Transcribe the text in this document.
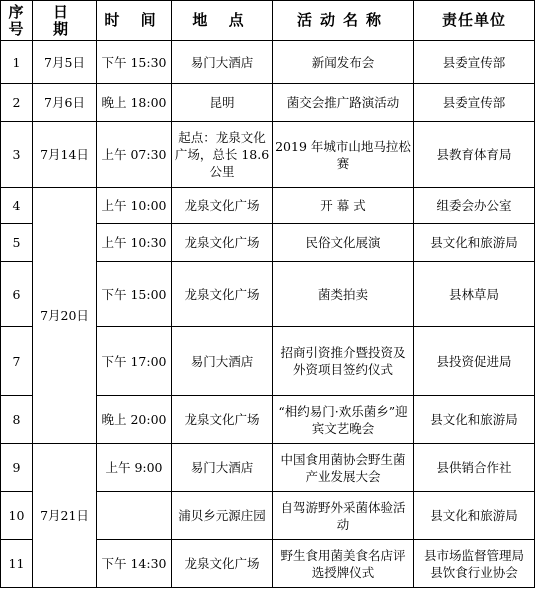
序号	日 期	时 间	地 点	活动名称	责任单位
1	7月5日	下午 15:30	易门大酒店	新闻发布会	县委宣传部
2	7月6日	晚上 18:00	昆明	菌交会推广路演活动	县委宣传部
3	7月14日	上午 07:30	起点：龙泉文化广场，总长 18.6 公里	2019 年城市山地马拉松赛	县教育体育局
4	7月20日	上午 10:00	龙泉文化广场	开 幕 式	组委会办公室
5		上午 10:30	龙泉文化广场	民俗文化展演	县文化和旅游局
6		下午 15:00	龙泉文化广场	菌类拍卖	县林草局
7		下午 17:00	易门大酒店	招商引资推介暨投资及外资项目签约仪式	县投资促进局
8		晚上 20:00	龙泉文化广场	“相约易门·欢乐菌乡”迎宾文艺晚会	县文化和旅游局
9	7月21日	上午 9:00	易门大酒店	中国食用菌协会野生菌产业发展大会	县供销合作社
10			浦贝乡元源庄园	自驾游野外采菌体验活动	县文化和旅游局
11		下午 14:30	龙泉文化广场	野生食用菌美食名店评选授牌仪式	县市场监督管理局 县饮食行业协会
